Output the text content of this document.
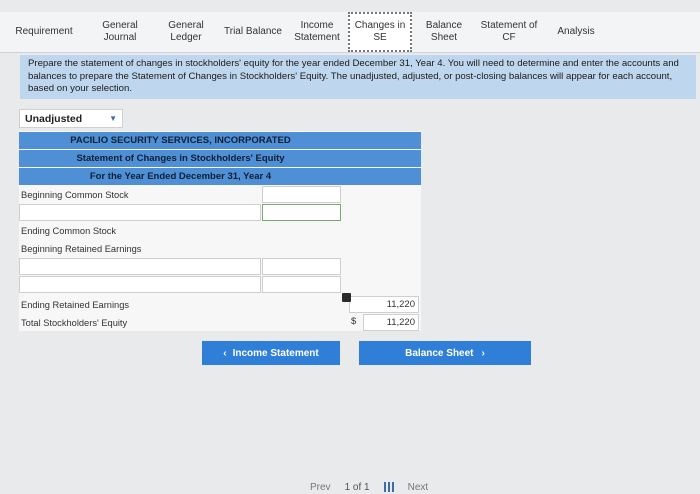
Requirement
General Journal
General Ledger
Trial Balance
Income Statement
Changes in SE
Balance Sheet
Statement of CF
Analysis
Prepare the statement of changes in stockholders' equity for the year ended December 31, Year 4. You will need to determine and enter the accounts and balances to prepare the Statement of Changes in Stockholders' Equity. The unadjusted, adjusted, or post-closing balances will appear for each account, based on your selection.
Unadjusted	▼
PACILIO SECURITY SERVICES, INCORPORATED
Statement of Changes in Stockholders' Equity
For the Year Ended December 31, Year 4
Beginning Common Stock
Ending Common Stock
Beginning Retained Earnings
Ending Retained Earnings	11,220
Total Stockholders' Equity	$	11,220
‹ Income Statement	Balance Sheet ›
Prev 1 of 1	Next
